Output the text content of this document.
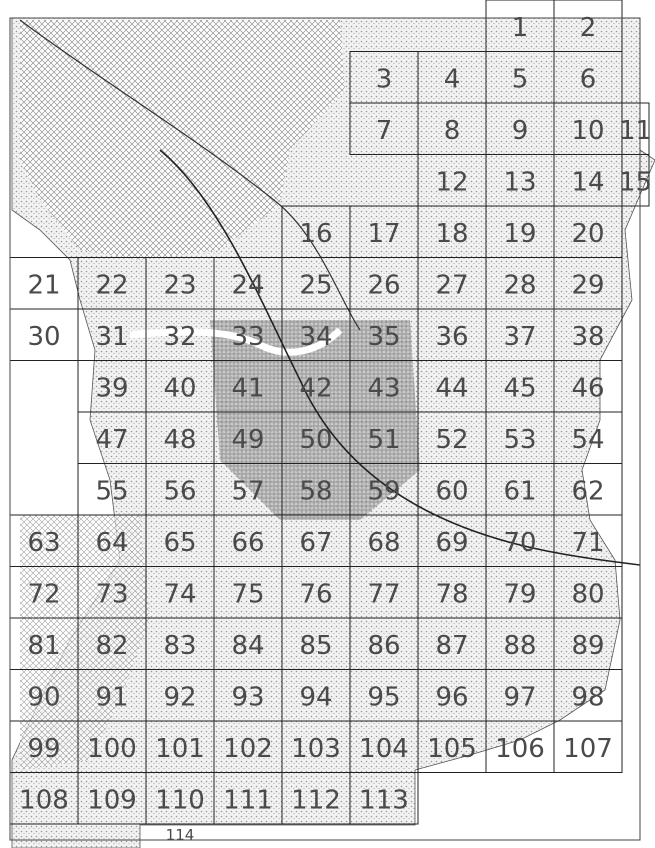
1 2
3 4 5 6
7 8 9 10 11
12 13 14 15
16 17 18 19 20
21 22 23 24 25 26 27 28 29
30 31 32 33 34 35 36 37 38
39 40 41 42 43 44 45 46
47 48 49 50 51 52 53 54
55 56 57 58 59 60 61 62
63 64 65 66 67 68 69 70 71
72 73 74 75 76 77 78 79 80
81 82 83 84 85 86 87 88 89
90 91 92 93 94 95 96 97 98
99 100 101 102 103 104 105 106 107
108 109 110 111 112 113
114
